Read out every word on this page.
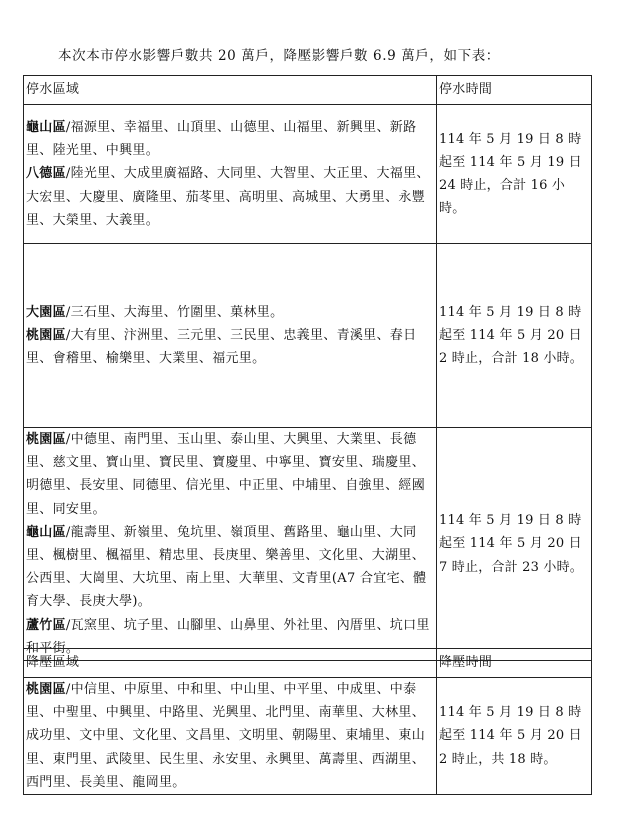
本次本市停水影響戶數共 20 萬戶，降壓影響戶數 6.9 萬戶，如下表：
停水區域	停水時間

龜山區/福源里、幸福里、山頂里、山德里、山福里、新興里、新路里、陸光里、中興里。
八德區/陸光里、大成里廣福路、大同里、大智里、大正里、大福里、大宏里、大慶里、廣隆里、茄苳里、高明里、高城里、大勇里、永豐里、大榮里、大義里。	114 年 5 月 19 日 8 時起至 114 年 5 月 19 日 24 時止，合計 16 小時。

大園區/三石里、大海里、竹圍里、菓林里。
桃園區/大有里、汴洲里、三元里、三民里、忠義里、青溪里、春日里、會稽里、榆樂里、大業里、福元里。	114 年 5 月 19 日 8 時起至 114 年 5 月 20 日 2 時止，合計 18 小時。

桃園區/中德里、南門里、玉山里、泰山里、大興里、大業里、長德里、慈文里、寶山里、寶民里、寶慶里、中寧里、寶安里、瑞慶里、明德里、長安里、同德里、信光里、中正里、中埔里、自強里、經國里、同安里。
龜山區/龍壽里、新嶺里、兔坑里、嶺頂里、舊路里、龜山里、大同里、楓樹里、楓福里、精忠里、長庚里、樂善里、文化里、大湖里、公西里、大崗里、大坑里、南上里、大華里、文青里(A7 合宜宅、體育大學、長庚大學)。
蘆竹區/瓦窯里、坑子里、山腳里、山鼻里、外社里、內厝里、坑口里和平街。	114 年 5 月 19 日 8 時起至 114 年 5 月 20 日 7 時止，合計 23 小時。
降壓區域	降壓時間

桃園區/中信里、中原里、中和里、中山里、中平里、中成里、中泰里、中聖里、中興里、中路里、光興里、北門里、南華里、大林里、成功里、文中里、文化里、文昌里、文明里、朝陽里、東埔里、東山里、東門里、武陵里、民生里、永安里、永興里、萬壽里、西湖里、西門里、長美里、龍岡里。	114 年 5 月 19 日 8 時起至 114 年 5 月 20 日 2 時止，共 18 時。
